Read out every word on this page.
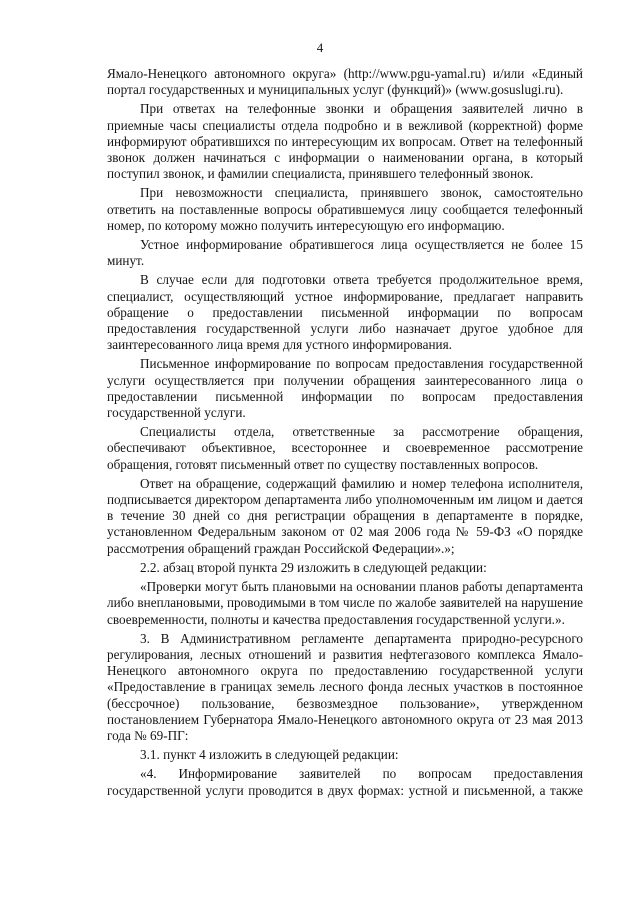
4

Ямало-Ненецкого автономного округа» (http://www.pgu-yamal.ru) и/или «Единый портал государственных и муниципальных услуг (функций)» (www.gosuslugi.ru).

При ответах на телефонные звонки и обращения заявителей лично в приемные часы специалисты отдела подробно и в вежливой (корректной) форме информируют обратившихся по интересующим их вопросам. Ответ на телефонный звонок должен начинаться с информации о наименовании органа, в который поступил звонок, и фамилии специалиста, принявшего телефонный звонок.

При невозможности специалиста, принявшего звонок, самостоятельно ответить на поставленные вопросы обратившемуся лицу сообщается телефонный номер, по которому можно получить интересующую его информацию.

Устное информирование обратившегося лица осуществляется не более 15 минут.

В случае если для подготовки ответа требуется продолжительное время, специалист, осуществляющий устное информирование, предлагает направить обращение о предоставлении письменной информации по вопросам предоставления государственной услуги либо назначает другое удобное для заинтересованного лица время для устного информирования.

Письменное информирование по вопросам предоставления государственной услуги осуществляется при получении обращения заинтересованного лица о предоставлении письменной информации по вопросам предоставления государственной услуги.

Специалисты отдела, ответственные за рассмотрение обращения, обеспечивают объективное, всестороннее и своевременное рассмотрение обращения, готовят письменный ответ по существу поставленных вопросов.

Ответ на обращение, содержащий фамилию и номер телефона исполнителя, подписывается директором департамента либо уполномоченным им лицом и дается в течение 30 дней со дня регистрации обращения в департаменте в порядке, установленном Федеральным законом от 02 мая 2006 года № 59-ФЗ «О порядке рассмотрения обращений граждан Российской Федерации».»;

2.2. абзац второй пункта 29 изложить в следующей редакции:

«Проверки могут быть плановыми на основании планов работы департамента либо внеплановыми, проводимыми в том числе по жалобе заявителей на нарушение своевременности, полноты и качества предоставления государственной услуги.».

3. В Административном регламенте департамента природно-ресурсного регулирования, лесных отношений и развития нефтегазового комплекса Ямало-Ненецкого автономного округа по предоставлению государственной услуги «Предоставление в границах земель лесного фонда лесных участков в постоянное (бессрочное) пользование, безвозмездное пользование», утвержденном постановлением Губернатора Ямало-Ненецкого автономного округа от 23 мая 2013 года № 69-ПГ:

3.1. пункт 4 изложить в следующей редакции:

«4. Информирование заявителей по вопросам предоставления государственной услуги проводится в двух формах: устной и письменной, а также
